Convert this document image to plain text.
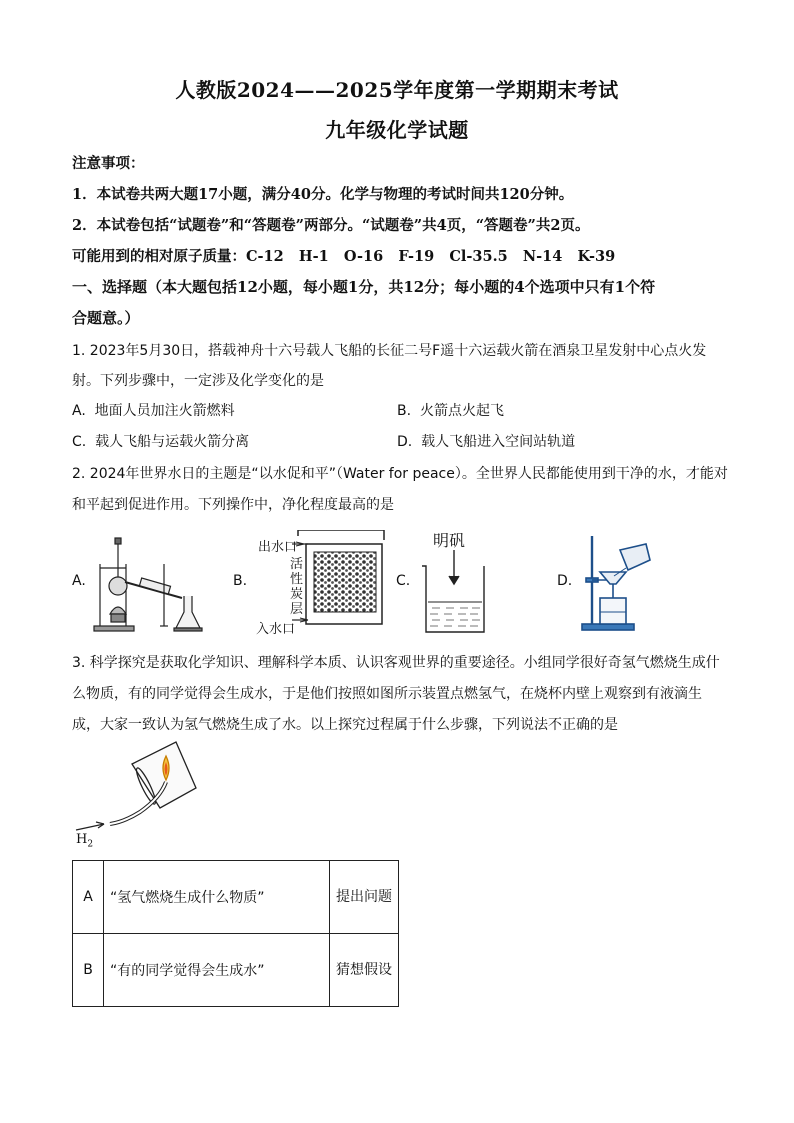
人教版2024——2025学年度第一学期期末考试
九年级化学试题
注意事项：
1．本试卷共两大题17小题，满分40分。化学与物理的考试时间共120分钟。
2．本试卷包括“试题卷”和“答题卷”两部分。“试题卷”共4页，“答题卷”共2页。
可能用到的相对原子质量：C-12   H-1   O-16   F-19   Cl-35.5   N-14   K-39
一、选择题（本大题包括12小题，每小题1分，共12分；每小题的4个选项中只有1个符
合题意。）
1. 2023年5月30日，搭载神舟十六号载人飞船的长征二号F遥十六运载火箭在酒泉卫星发射中心点火发
射。下列步骤中，一定涉及化学变化的是
A.  地面人员加注火箭燃料	B.  火箭点火起飞
C.  载人飞船与运载火箭分离	D.  载人飞船进入空间站轨道
2. 2024年世界水日的主题是“以水促和平”（Water for peace）。全世界人民都能使用到干净的水，才能对
和平起到促进作用。下列操作中，净化程度最高的是
A.	B.	C.	D.
出水口
入水口
活
性
炭
层
明矾
3. 科学探究是获取化学知识、理解科学本质、认识客观世界的重要途径。小组同学很好奇氢气燃烧生成什
么物质，有的同学觉得会生成水，于是他们按照如图所示装置点燃氢气，在烧杯内壁上观察到有液滴生
成，大家一致认为氢气燃烧生成了水。以上探究过程属于什么步骤，下列说法不正确的是
$H_2$
A	“氢气燃烧生成什么物质”	提出问题
B	“有的同学觉得会生成水”	猜想假设
